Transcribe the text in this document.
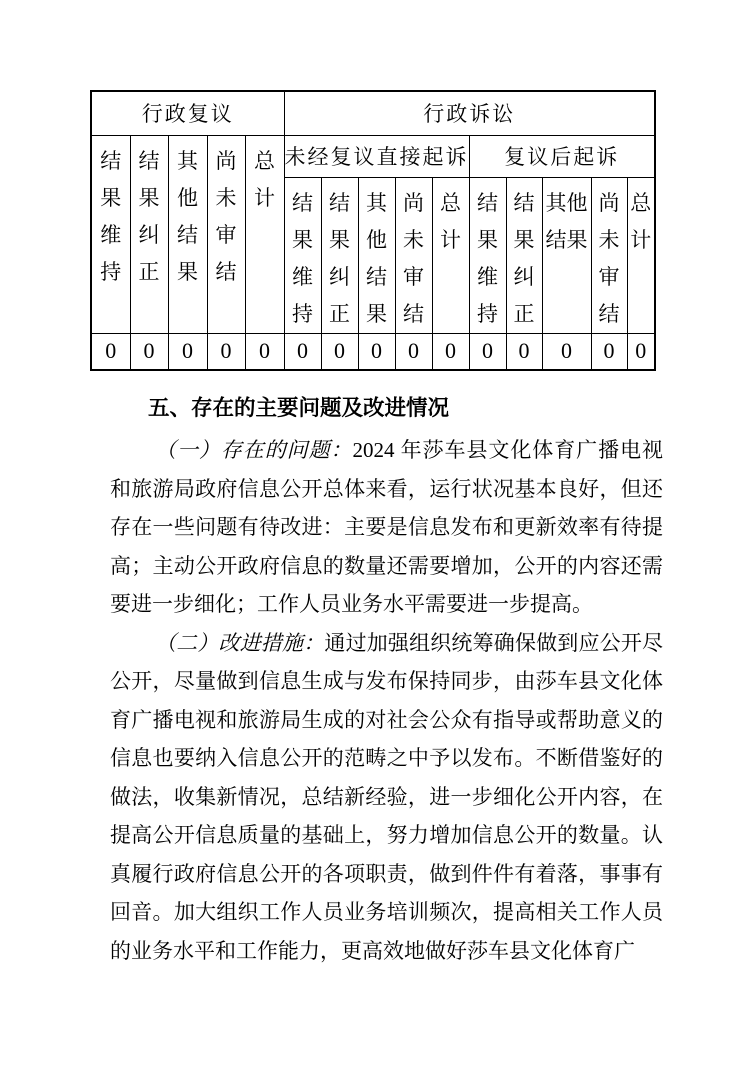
行政复议					行政诉讼									
结果维持	结果纠正	其他结果	尚未审结	总计	未经复议直接起诉					复议后起诉				
					结果维持	结果纠正	其他结果	尚未审结	总计	结果维持	结果纠正	其他结果	尚未审结	总计
0	0	0	0	0	0	0	0	0	0	0	0	0	0	0
五、存在的主要问题及改进情况

（一）存在的问题：2024 年莎车县文化体育广播电视和旅游局政府信息公开总体来看，运行状况基本良好，但还存在一些问题有待改进：主要是信息发布和更新效率有待提高；主动公开政府信息的数量还需要增加，公开的内容还需要进一步细化；工作人员业务水平需要进一步提高。

（二）改进措施：通过加强组织统筹确保做到应公开尽公开，尽量做到信息生成与发布保持同步，由莎车县文化体育广播电视和旅游局生成的对社会公众有指导或帮助意义的信息也要纳入信息公开的范畴之中予以发布。不断借鉴好的做法，收集新情况，总结新经验，进一步细化公开内容，在提高公开信息质量的基础上，努力增加信息公开的数量。认真履行政府信息公开的各项职责，做到件件有着落，事事有回音。加大组织工作人员业务培训频次，提高相关工作人员的业务水平和工作能力，更高效地做好莎车县文化体育广
